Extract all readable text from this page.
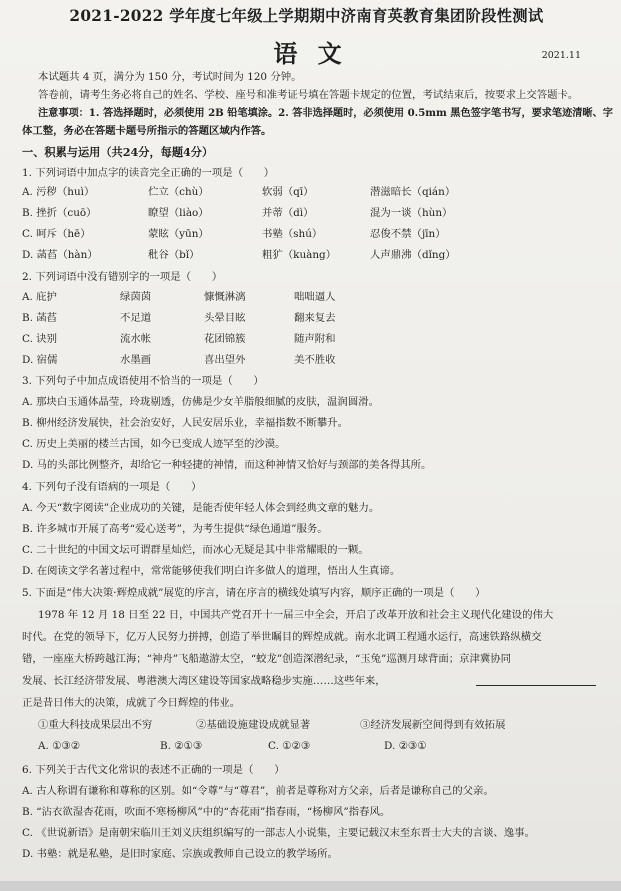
2021-2022 学年度七年级上学期期中济南育英教育集团阶段性测试
语 文	2021.11
本试题共 4 页，满分为 150 分，考试时间为 120 分钟。
答卷前，请考生务必将自己的姓名、学校、座号和准考证号填在答题卡规定的位置，考试结束后，按要求上交答题卡。
注意事项：1. 答选择题时，必须使用 2B 铅笔填涂。2. 答非选择题时，必须使用 0.5mm 黑色签字笔书写，要求笔迹清晰、字
体工整，务必在答题卡题号所指示的答题区域内作答。
一、积累与运用（共24分，每题4分）
1. 下列词语中加点字的读音完全正确的一项是（　　）
A. 污秽（huì）	伫立（chù）	软弱（qī）	潜滋暗长（qián）
B. 挫折（cuō）	瞭望（liào）	并蒂（dì）	混为一谈（hùn）
C. 呵斥（hē）	蒙眩（yūn）	书塾（shú）	忍俊不禁（jīn）
D. 菡萏（hàn）	秕谷（bǐ）	粗犷（kuàng）	人声鼎沸（dǐng）
2. 下列词语中没有错别字的一项是（　　）
A. 庇护	绿茵茵	慷慨淋漓	咄咄逼人
B. 菡萏	不足道	头晕目眩	翻来复去
C. 诀别	流水帐	花团锦簇	随声附和
D. 宿儒	水墨画	喜出望外	美不胜收
3. 下列句子中加点成语使用不恰当的一项是（　　）
A. 那块白玉通体晶莹，玲珑剔透，仿佛是少女羊脂般细腻的皮肤，温润圆滑。
B. 柳州经济发展快，社会治安好，人民安居乐业，幸福指数不断攀升。
C. 历史上美丽的楼兰古国，如今已变成人迹罕至的沙漠。
D. 马的头部比例整齐，却给它一种轻捷的神情，而这种神情又恰好与颈部的美各得其所。
4. 下列句子没有语病的一项是（　　）
A. 今天“数字阅读”企业成功的关键，是能否使年轻人体会到经典文章的魅力。
B. 许多城市开展了高考“爱心送考”，为考生提供“绿色通道”服务。
C. 二十世纪的中国文坛可谓群星灿烂，而冰心无疑是其中非常耀眼的一颗。
D. 在阅读文学名著过程中，常常能够使我们明白许多做人的道理，悟出人生真谛。
5. 下面是“伟大决策·辉煌成就”展览的序言，请在序言的横线处填写内容，顺序正确的一项是（　　）
1978 年 12 月 18 日至 22 日，中国共产党召开十一届三中全会，开启了改革开放和社会主义现代化建设的伟大
时代。在党的领导下，亿万人民努力拼搏，创造了举世瞩目的辉煌成就。南水北调工程通水运行，高速铁路纵横交
错，一座座大桥跨越江海；“神舟”飞船遨游太空，“蛟龙”创造深潜纪录，“玉兔”巡测月球背面；京津冀协同
发展、长江经济带发展、粤港澳大湾区建设等国家战略稳步实施……这些年来，
正是昔日伟大的决策，成就了今日辉煌的伟业。
①重大科技成果层出不穷	②基础设施建设成就显著	③经济发展新空间得到有效拓展
A. ①③②	B. ②①③	C. ①②③	D. ②③①
6. 下列关于古代文化常识的表述不正确的一项是（　　）
A. 古人称谓有谦称和尊称的区别。如“令尊”与“尊君”，前者是尊称对方父亲，后者是谦称自己的父亲。
B. “沾衣欲湿杏花雨，吹面不寒杨柳风”中的“杏花雨”指春雨，“杨柳风”指春风。
C. 《世说新语》是南朝宋临川王刘义庆组织编写的一部志人小说集，主要记载汉末至东晋士大夫的言谈、逸事。
D. 书塾：就是私塾，是旧时家庭、宗族或教师自己设立的教学场所。
